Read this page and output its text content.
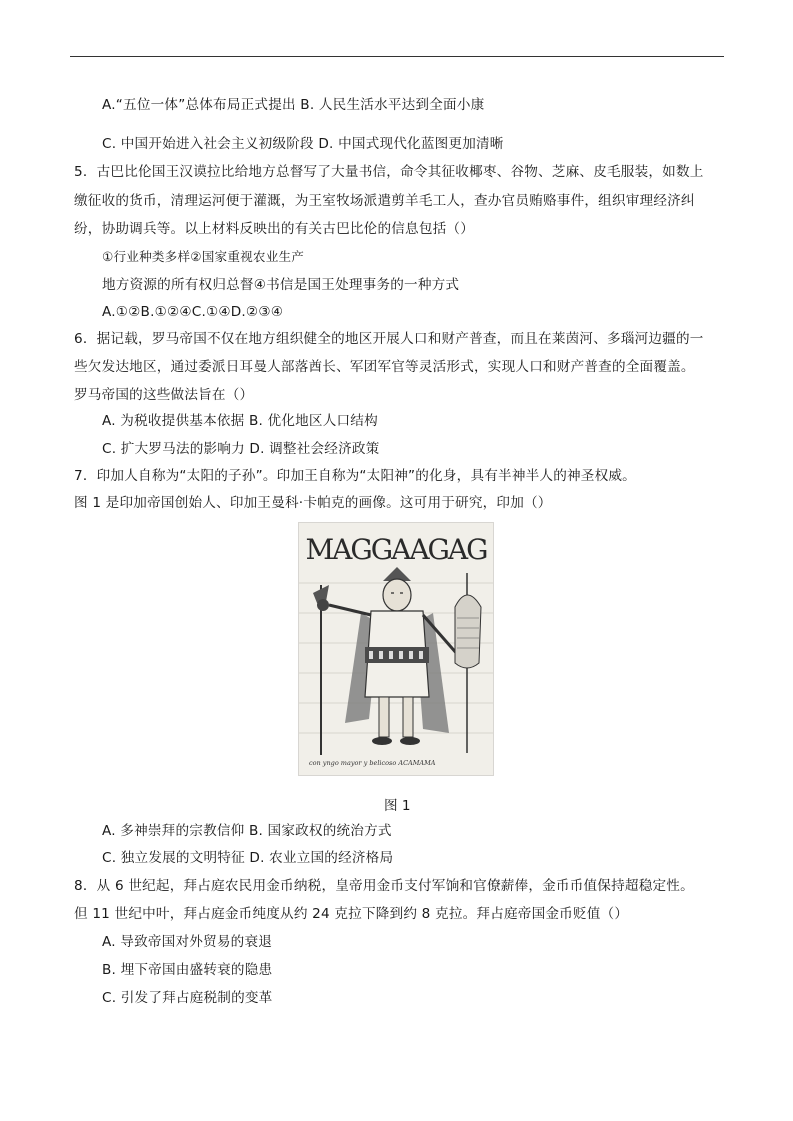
A.“五位一体”总体布局正式提出 B. 人民生活水平达到全面小康
C. 中国开始进入社会主义初级阶段 D. 中国式现代化蓝图更加清晰
5．古巴比伦国王汉谟拉比给地方总督写了大量书信，命令其征收椰枣、谷物、芝麻、皮毛服装，如数上
缴征收的货币，清理运河便于灌溉，为王室牧场派遣剪羊毛工人，查办官员贿赂事件，组织审理经济纠
纷，协助调兵等。以上材料反映出的有关古巴比伦的信息包括（）
①行业种类多样②国家重视农业生产
地方资源的所有权归总督④书信是国王处理事务的一种方式
A.①②B.①②④C.①④D.②③④
6．据记载，罗马帝国不仅在地方组织健全的地区开展人口和财产普查，而且在莱茵河、多瑙河边疆的一
些欠发达地区，通过委派日耳曼人部落酋长、军团军官等灵活形式，实现人口和财产普查的全面覆盖。
罗马帝国的这些做法旨在（）
A. 为税收提供基本依据 B. 优化地区人口结构
C. 扩大罗马法的影响力 D. 调整社会经济政策
7．印加人自称为“太阳的子孙”。印加王自称为“太阳神”的化身，具有半神半人的神圣权威。
图 1 是印加帝国创始人、印加王曼科·卡帕克的画像。这可用于研究，印加（）
A. 多神崇拜的宗教信仰 B. 国家政权的统治方式
C. 独立发展的文明特征 D. 农业立国的经济格局
8．从 6 世纪起，拜占庭农民用金币纳税，皇帝用金币支付军饷和官僚薪俸，金币币值保持超稳定性。
但 11 世纪中叶，拜占庭金币纯度从约 24 克拉下降到约 8 克拉。拜占庭帝国金币贬值（）
A. 导致帝国对外贸易的衰退
B. 埋下帝国由盛转衰的隐患
C. 引发了拜占庭税制的变革
MAGGAAGAG
con yngo mayor y belicoso ACAMAMA
图 1
